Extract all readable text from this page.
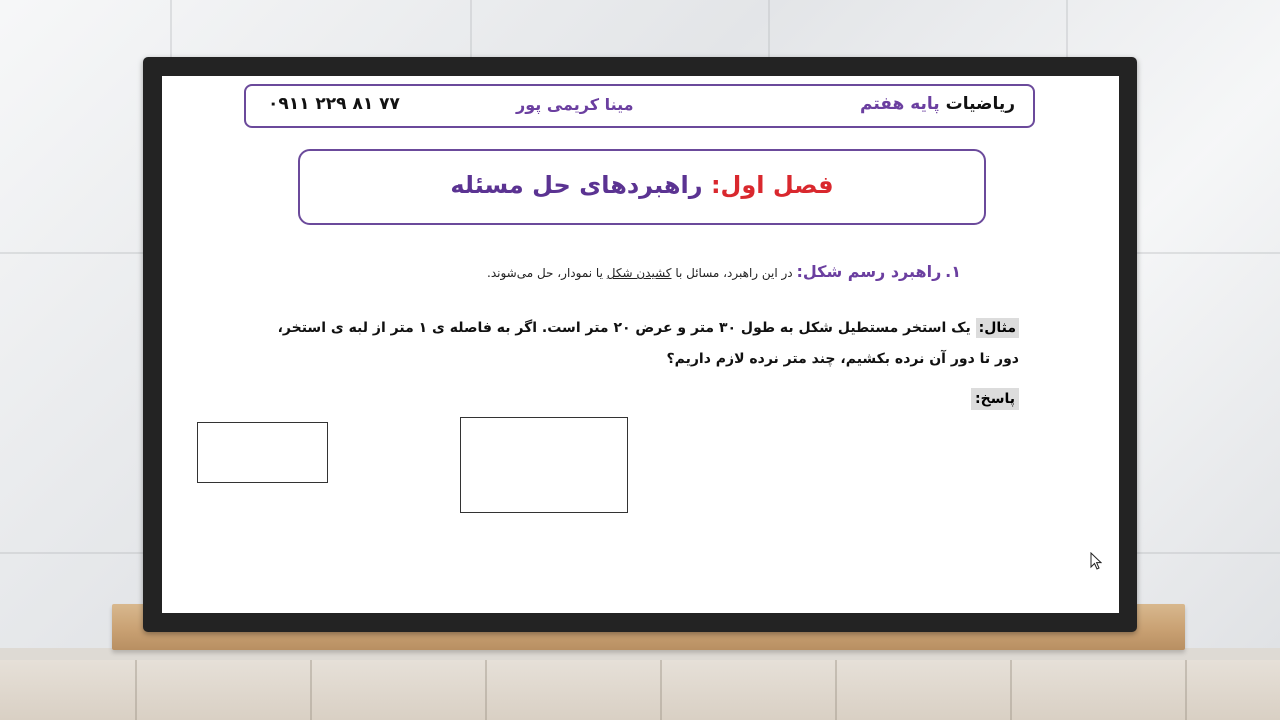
ریاضیات پایه هفتم
مینا کریمی پور
۰۹۱۱ ۲۲۹ ۸۱ ۷۷
فصل اول: راهبردهای حل مسئله
۱. راهبرد رسم شکل: در این راهبرد، مسائل با کشیدن شکل یا نمودار، حل می‌شوند.
مثال: یک استخر مستطیل شکل به طول ۳۰ متر و عرض ۲۰ متر است. اگر به فاصله ی ۱ متر از لبه ی استخر،
دور تا دور آن نرده بکشیم، چند متر نرده لازم داریم؟
پاسخ:
